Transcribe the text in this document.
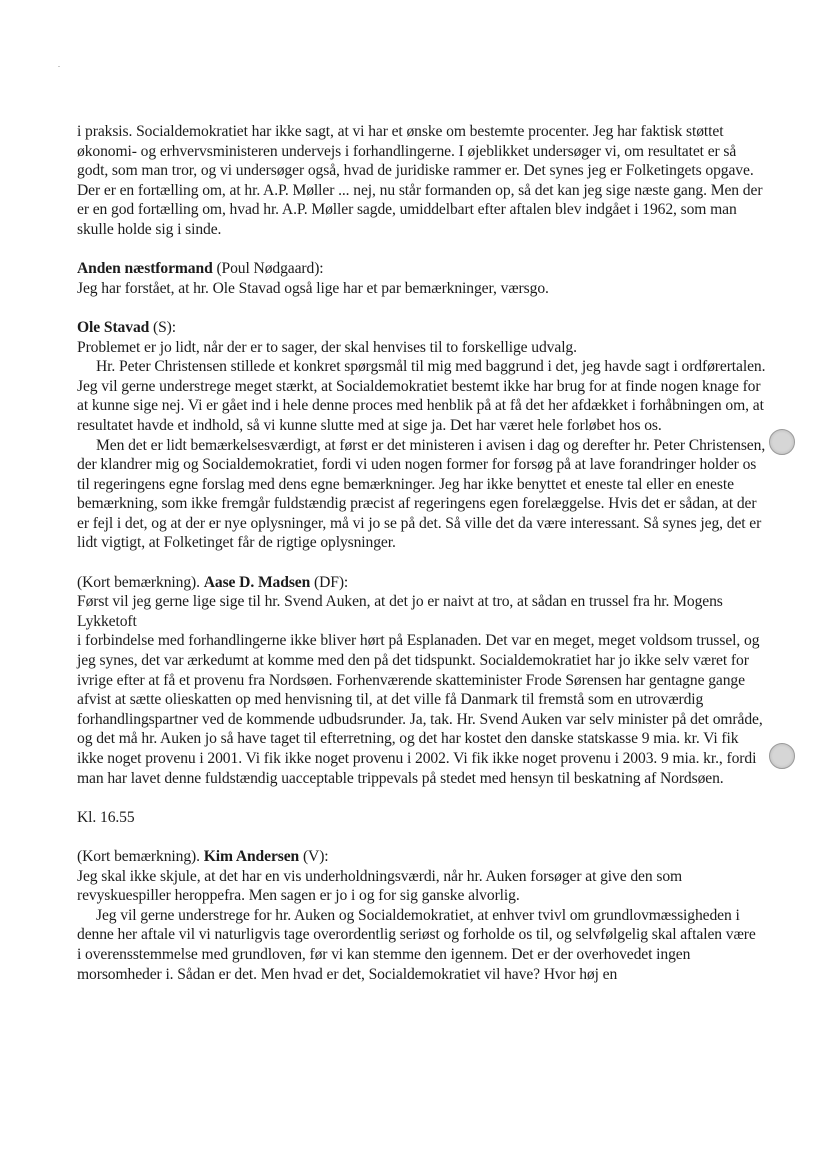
i praksis. Socialdemokratiet har ikke sagt, at vi har et ønske om bestemte procenter. Jeg har faktisk støttet økonomi- og erhvervsministeren undervejs i forhandlingerne. I øjeblikket undersøger vi, om resultatet er så godt, som man tror, og vi undersøger også, hvad de juridiske rammer er. Det synes jeg er Folketingets opgave. Der er en fortælling om, at hr. A.P. Møller ... nej, nu står formanden op, så det kan jeg sige næste gang. Men der er en god fortælling om, hvad hr. A.P. Møller sagde, umiddelbart efter aftalen blev indgået i 1962, som man skulle holde sig i sinde.

Anden næstformand (Poul Nødgaard):

Jeg har forstået, at hr. Ole Stavad også lige har et par bemærkninger, værsgo.

Ole Stavad (S):

Problemet er jo lidt, når der er to sager, der skal henvises til to forskellige udvalg.

Hr. Peter Christensen stillede et konkret spørgsmål til mig med baggrund i det, jeg havde sagt i ordførertalen. Jeg vil gerne understrege meget stærkt, at Socialdemokratiet bestemt ikke har brug for at finde nogen knage for at kunne sige nej. Vi er gået ind i hele denne proces med henblik på at få det her afdækket i forhåbningen om, at resultatet havde et indhold, så vi kunne slutte med at sige ja. Det har været hele forløbet hos os.

Men det er lidt bemærkelsesværdigt, at først er det ministeren i avisen i dag og derefter hr. Peter Christensen, der klandrer mig og Socialdemokratiet, fordi vi uden nogen former for forsøg på at lave forandringer holder os til regeringens egne forslag med dens egne bemærkninger. Jeg har ikke benyttet et eneste tal eller en eneste bemærkning, som ikke fremgår fuldstændig præcist af regeringens egen forelæggelse. Hvis det er sådan, at der er fejl i det, og at der er nye oplysninger, må vi jo se på det. Så ville det da være interessant. Så synes jeg, det er lidt vigtigt, at Folketinget får de rigtige oplysninger.

(Kort bemærkning). Aase D. Madsen (DF):

Først vil jeg gerne lige sige til hr. Svend Auken, at det jo er naivt at tro, at sådan en trussel fra hr. Mogens Lykketoft

i forbindelse med forhandlingerne ikke bliver hørt på Esplanaden. Det var en meget, meget voldsom trussel, og jeg synes, det var ærkedumt at komme med den på det tidspunkt. Socialdemokratiet har jo ikke selv været for ivrige efter at få et provenu fra Nordsøen. Forhenværende skatteminister Frode Sørensen har gentagne gange afvist at sætte olieskatten op med henvisning til, at det ville få Danmark til fremstå som en utroværdig forhandlingspartner ved de kommende udbudsrunder. Ja, tak. Hr. Svend Auken var selv minister på det område, og det må hr. Auken jo så have taget til efterretning, og det har kostet den danske statskasse 9 mia. kr. Vi fik ikke noget provenu i 2001. Vi fik ikke noget provenu i 2002. Vi fik ikke noget provenu i 2003. 9 mia. kr., fordi man har lavet denne fuldstændig uacceptable trippevals på stedet med hensyn til beskatning af Nordsøen.

Kl. 16.55

(Kort bemærkning). Kim Andersen (V):

Jeg skal ikke skjule, at det har en vis underholdningsværdi, når hr. Auken forsøger at give den som revyskuespiller heroppefra. Men sagen er jo i og for sig ganske alvorlig.

Jeg vil gerne understrege for hr. Auken og Socialdemokratiet, at enhver tvivl om grundlovmæssigheden i denne her aftale vil vi naturligvis tage overordentlig seriøst og forholde os til, og selvfølgelig skal aftalen være

i overensstemmelse med grundloven, før vi kan stemme den igennem. Det er der overhovedet ingen morsomheder i. Sådan er det. Men hvad er det, Socialdemokratiet vil have? Hvor høj en
